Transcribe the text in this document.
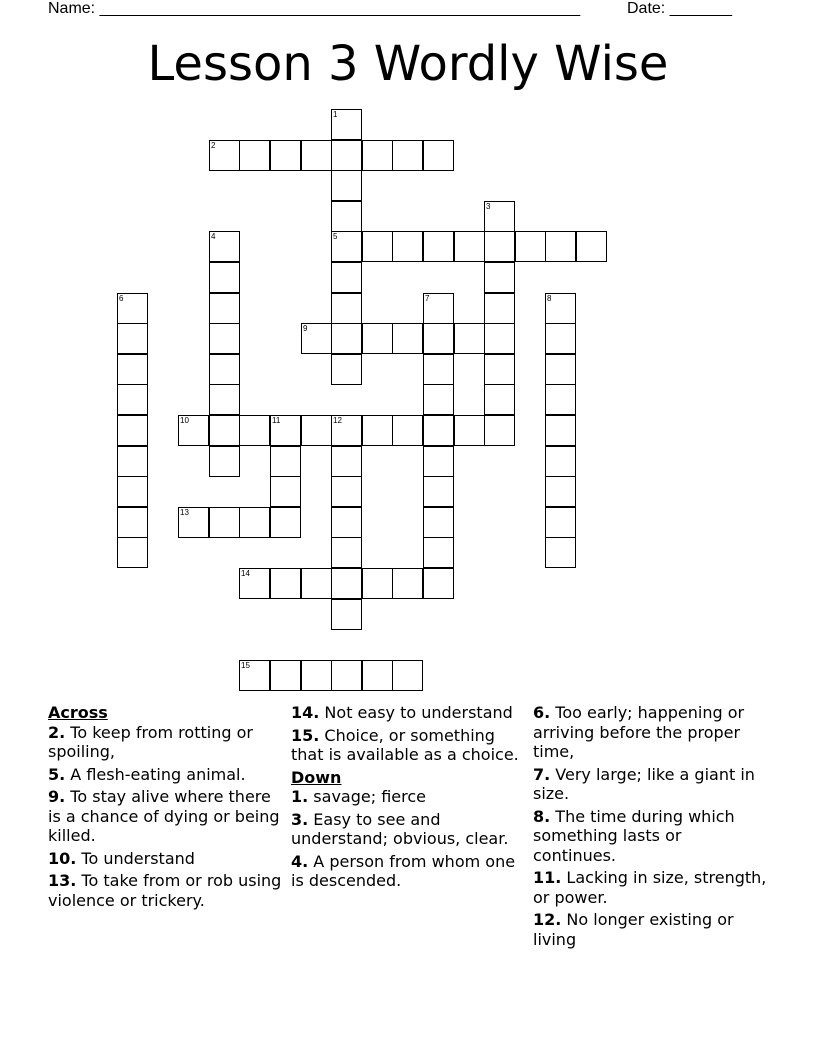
Name: ______________________________________________________	Date: _______
Lesson 3 Wordly Wise
2
5
9
10	11	12
13
14
15
1
3
4
6	7	8
Across
2. To keep from rotting or spoiling,
5. A flesh-eating animal.
9. To stay alive where there is a chance of dying or being killed.
10. To understand
13. To take from or rob using violence or trickery.
14. Not easy to understand
15. Choice, or something that is available as a choice.
Down
1. savage; fierce
3. Easy to see and understand; obvious, clear.
4. A person from whom one is descended.
6. Too early; happening or arriving before the proper time,
7. Very large; like a giant in size.
8. The time during which something lasts or continues.
11. Lacking in size, strength, or power.
12. No longer existing or living
